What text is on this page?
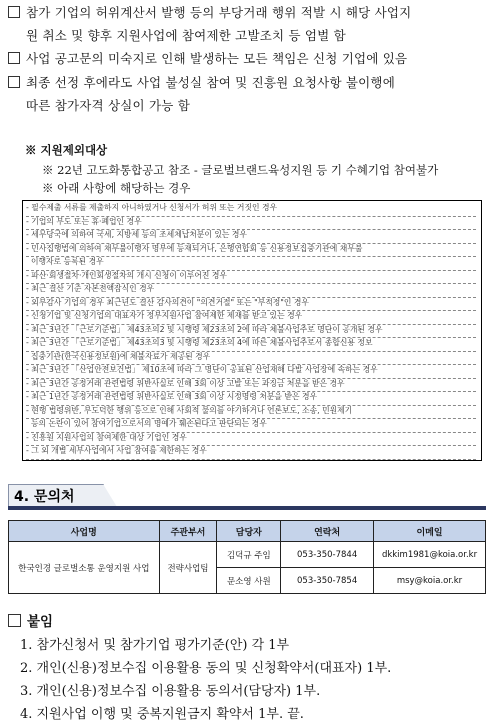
참가 기업의 허위계산서 발행 등의 부당거래 행위 적발 시 해당 사업지
원 취소 및 향후 지원사업에 참여제한 고발조치 등 엄벌 함
사업 공고문의 미숙지로 인해 발생하는 모든 책임은 신청 기업에 있음
최종 선정 후에라도 사업 불성실 참여 및 진흥원 요청사항 불이행에
따른 참가자격 상실이 가능 함
※ 지원제외대상
※ 22년 고도화통합공고 참조 - 글로벌브랜드육성지원 등 기 수혜기업 참여불가
※ 아래 사항에 해당하는 경우
- 필수제출 서류를 제출하지 아니하였거나 신청서가 허위 또는 거짓인 경우
- 기업의 부도 또는 휴·폐업인 경우
- 세무당국에 의하여 국세, 지방세 등의 조세체납처분이 있는 경우
- 민사집행법에 의하여 채무불이행자 명부에 등재되거나, 은행연합회 등 신용정보집중기관에 채무불
이행자로 등록된 경우
- 파산·회생절차·개인회생절차의 개시 신청이 이루어진 경우
- 최근 결산 기준 자본전액잠식인 경우
- 외부감사 기업의 경우 최근년도 결산 감사의견이 "의견거절" 또는 "부적정"인 경우
- 신청기업 및 신청기업의 대표자가 정부지원사업 참여제한 제재를 받고 있는 경우
- 최근 3년간 「근로기준법」 제43조의2 및 시행령 제23조의 2에 따라 체불사업주로 명단이 공개된 경우
- 최근 3년간 「근로기준법」 제43조의3 및 시행령 제23조의 4에 따른 체불사업주로서 종합신용 정보
집중기관(한국신용정보원)에 체불자료가 제공된 경우
- 최근 3년간 「산업안전보건법」 제10조에 따라 그 명단이 공표된 산업재해 다발 사업장에 속하는 경우
- 최근 3년간 공정거래 관련법령 위반사실로 인해 3회 이상 고발 또는 과징금 처분을 받은 경우
- 최근 1년간 공정거래 관련법령 위반사실로 인해 3회 이상 시정명령 처분을 받은 경우
- 현행 법령위반, 부도덕한 행위 등으로 인해 사회적 물의를 야기하거나 언론보도, 소송, 민원제기
등의 논란이 있어 참여기업으로서의 명예가 훼손된다고 판단되는 경우
- 진흥원 지원사업의 참여제한 대상 기업인 경우
- 그 외 개별 세부사업에서 사업 참여를 제한하는 경우
4. 문의처
사업명	주관부서	담당자	연락처	이메일
한국인경 글로벌소통 운영지원 사업	전략사업팀	김덕규 주임	053-350-7844	dkkim1981@koia.or.kr
		문소영 사원	053-350-7854	msy@koia.or.kr
붙임
1. 참가신청서 및 참가기업 평가기준(안) 각 1부
2. 개인(신용)정보수집 이용활용 동의 및 신청확약서(대표자) 1부.
3. 개인(신용)정보수집 이용활용 동의서(담당자) 1부.
4. 지원사업 이행 및 중복지원금지 확약서 1부. 끝.
